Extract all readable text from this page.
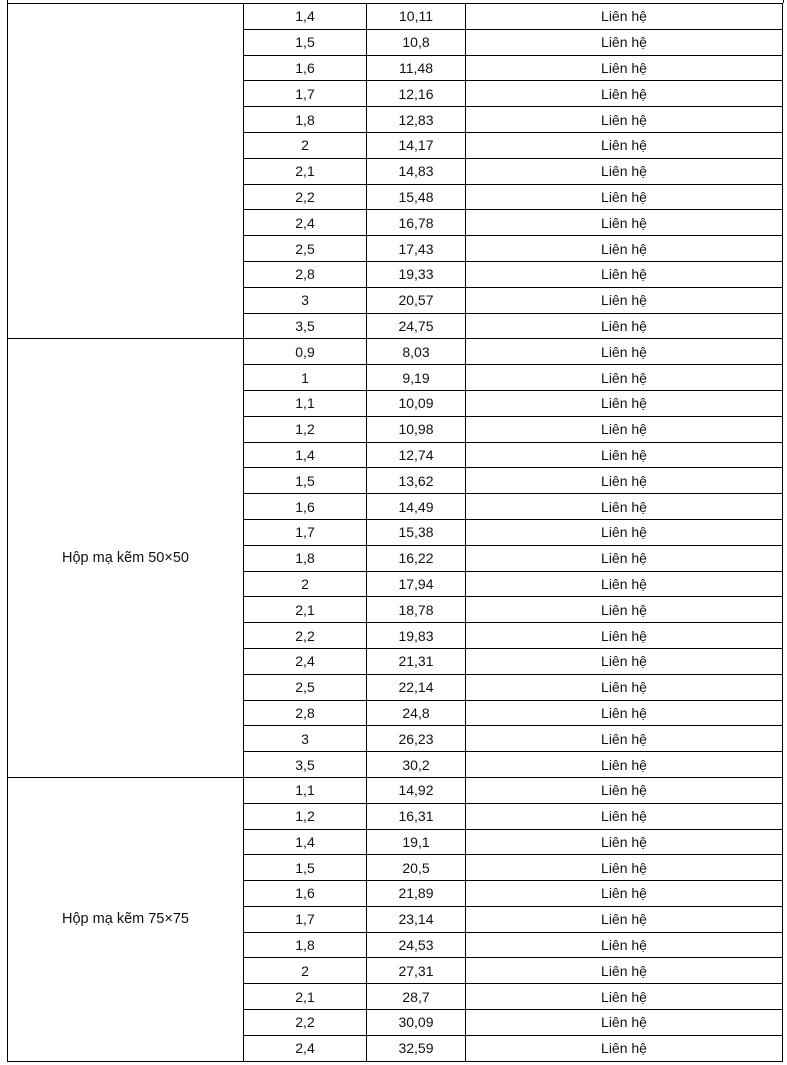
	1,4	10,11	Liên hệ
	1,5	10,8	Liên hệ
	1,6	11,48	Liên hệ
	1,7	12,16	Liên hệ
	1,8	12,83	Liên hệ
	2	14,17	Liên hệ
	2,1	14,83	Liên hệ
	2,2	15,48	Liên hệ
	2,4	16,78	Liên hệ
	2,5	17,43	Liên hệ
	2,8	19,33	Liên hệ
	3	20,57	Liên hệ
	3,5	24,75	Liên hệ
Hộp mạ kẽm 50×50	0,9	8,03	Liên hệ
	1	9,19	Liên hệ
	1,1	10,09	Liên hệ
	1,2	10,98	Liên hệ
	1,4	12,74	Liên hệ
	1,5	13,62	Liên hệ
	1,6	14,49	Liên hệ
	1,7	15,38	Liên hệ
	1,8	16,22	Liên hệ
	2	17,94	Liên hệ
	2,1	18,78	Liên hệ
	2,2	19,83	Liên hệ
	2,4	21,31	Liên hệ
	2,5	22,14	Liên hệ
	2,8	24,8	Liên hệ
	3	26,23	Liên hệ
	3,5	30,2	Liên hệ
Hộp mạ kẽm 75×75	1,1	14,92	Liên hệ
	1,2	16,31	Liên hệ
	1,4	19,1	Liên hệ
	1,5	20,5	Liên hệ
	1,6	21,89	Liên hệ
	1,7	23,14	Liên hệ
	1,8	24,53	Liên hệ
	2	27,31	Liên hệ
	2,1	28,7	Liên hệ
	2,2	30,09	Liên hệ
	2,4	32,59	Liên hệ
